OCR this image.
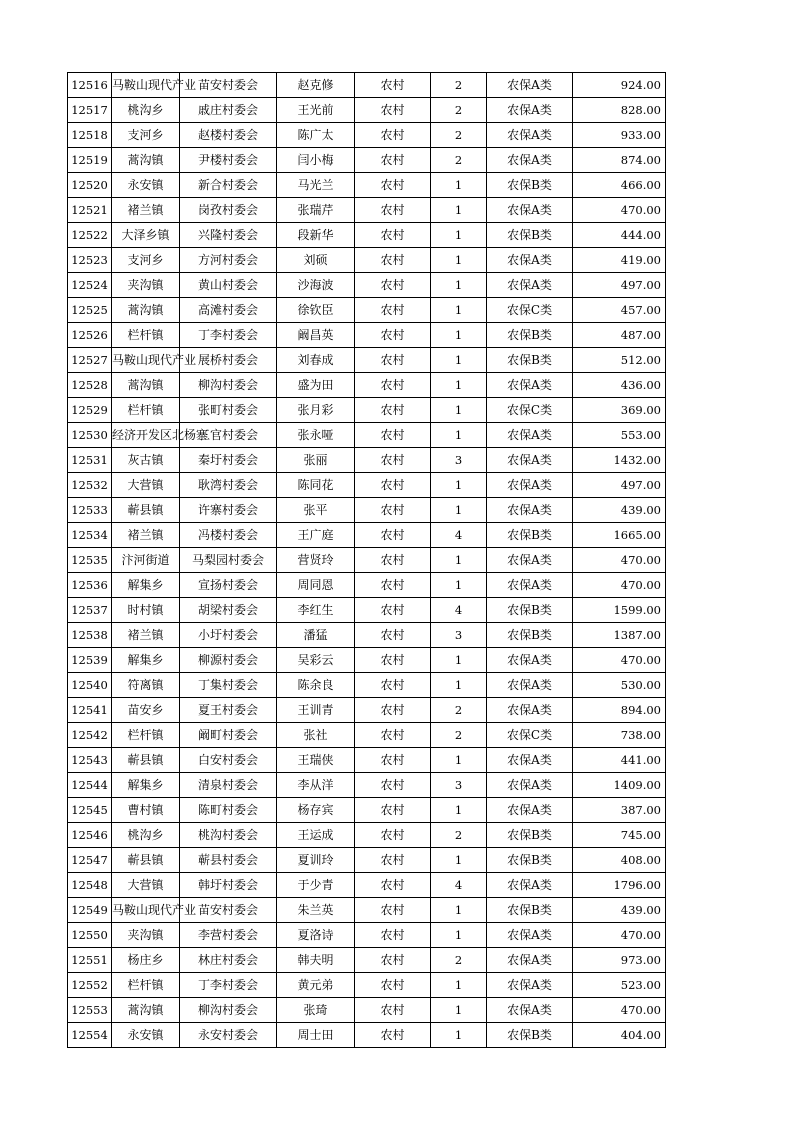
12516	马鞍山现代产业	苗安村委会	赵克修	农村	2	农保A类	924.00
12517	桃沟乡	戚庄村委会	王光前	农村	2	农保A类	828.00
12518	支河乡	赵楼村委会	陈广太	农村	2	农保A类	933.00
12519	蒿沟镇	尹楼村委会	闫小梅	农村	2	农保A类	874.00
12520	永安镇	新合村委会	马光兰	农村	1	农保B类	466.00
12521	褚兰镇	岗孜村委会	张瑞芹	农村	1	农保A类	470.00
12522	大泽乡镇	兴隆村委会	段新华	农村	1	农保B类	444.00
12523	支河乡	方河村委会	刘硕	农村	1	农保A类	419.00
12524	夹沟镇	黄山村委会	沙海波	农村	1	农保A类	497.00
12525	蒿沟镇	高滩村委会	徐钦臣	农村	1	农保C类	457.00
12526	栏杆镇	丁李村委会	阚昌英	农村	1	农保B类	487.00
12527	马鞍山现代产业	展桥村委会	刘春成	农村	1	农保B类	512.00
12528	蒿沟镇	柳沟村委会	盛为田	农村	1	农保A类	436.00
12529	栏杆镇	张町村委会	张月彩	农村	1	农保C类	369.00
12530	经济开发区北杨寨	三官村委会	张永哑	农村	1	农保A类	553.00
12531	灰古镇	秦圩村委会	张丽	农村	3	农保A类	1432.00
12532	大营镇	耿湾村委会	陈同花	农村	1	农保A类	497.00
12533	蕲县镇	许寨村委会	张平	农村	1	农保A类	439.00
12534	褚兰镇	冯楼村委会	王广庭	农村	4	农保B类	1665.00
12535	汴河街道	马梨园村委会	营贤玲	农村	1	农保A类	470.00
12536	解集乡	宣扬村委会	周同恩	农村	1	农保A类	470.00
12537	时村镇	胡梁村委会	李红生	农村	4	农保B类	1599.00
12538	褚兰镇	小圩村委会	潘猛	农村	3	农保B类	1387.00
12539	解集乡	柳源村委会	吴彩云	农村	1	农保A类	470.00
12540	符离镇	丁集村委会	陈余良	农村	1	农保A类	530.00
12541	苗安乡	夏王村委会	王训青	农村	2	农保A类	894.00
12542	栏杆镇	阚町村委会	张社	农村	2	农保C类	738.00
12543	蕲县镇	白安村委会	王瑞侠	农村	1	农保A类	441.00
12544	解集乡	清泉村委会	李从洋	农村	3	农保A类	1409.00
12545	曹村镇	陈町村委会	杨存宾	农村	1	农保A类	387.00
12546	桃沟乡	桃沟村委会	王运成	农村	2	农保B类	745.00
12547	蕲县镇	蕲县村委会	夏训玲	农村	1	农保B类	408.00
12548	大营镇	韩圩村委会	于少青	农村	4	农保A类	1796.00
12549	马鞍山现代产业	苗安村委会	朱兰英	农村	1	农保B类	439.00
12550	夹沟镇	李营村委会	夏洛诗	农村	1	农保A类	470.00
12551	杨庄乡	林庄村委会	韩夫明	农村	2	农保A类	973.00
12552	栏杆镇	丁李村委会	黄元弟	农村	1	农保A类	523.00
12553	蒿沟镇	柳沟村委会	张琦	农村	1	农保A类	470.00
12554	永安镇	永安村委会	周士田	农村	1	农保B类	404.00
